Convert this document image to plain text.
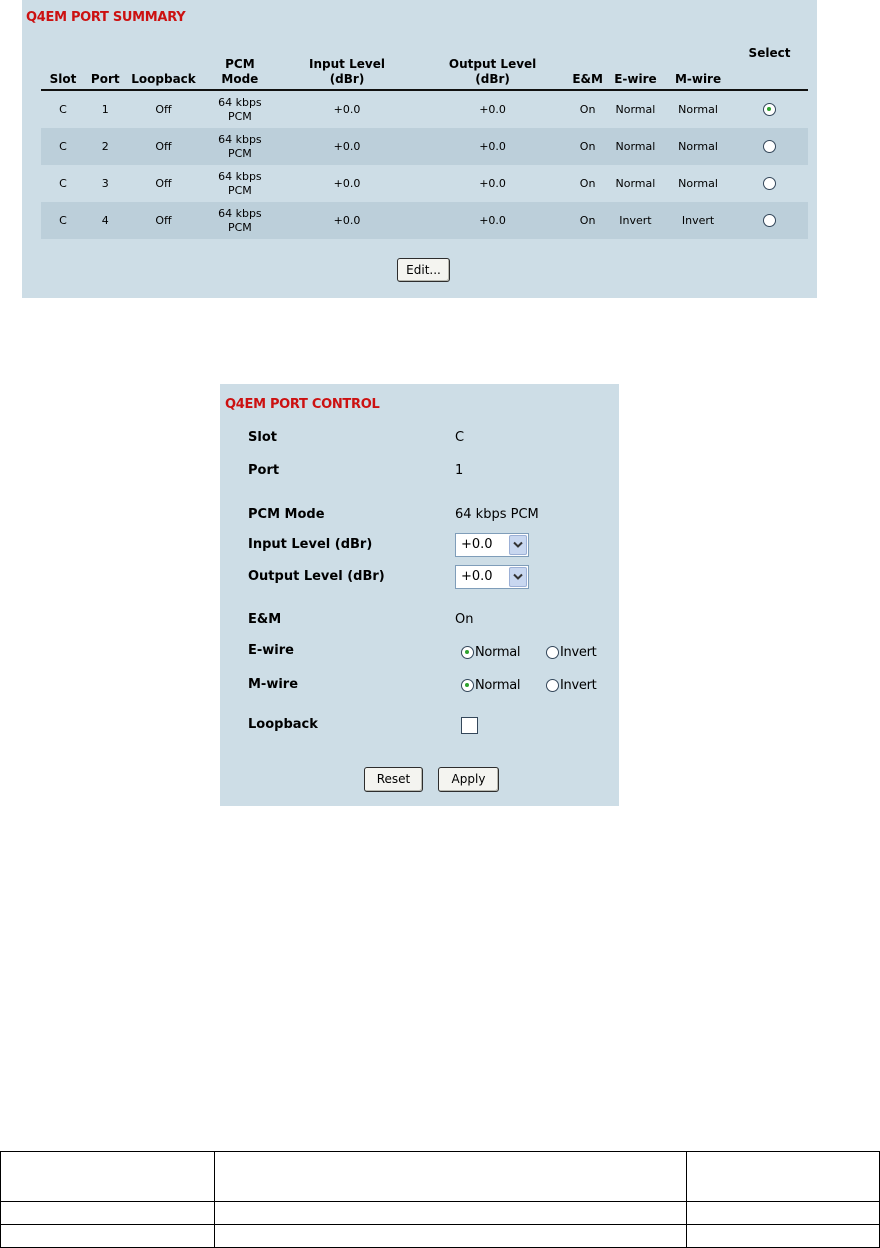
Q4EM PORT SUMMARY
Slot	Port	Loopback	PCM Mode	Input Level (dBr)	Output Level (dBr)	E&M	E-wire	M-wire	Select
C	1	Off	64 kbps PCM	+0.0	+0.0	On	Normal	Normal	
C	2	Off	64 kbps PCM	+0.0	+0.0	On	Normal	Normal	
C	3	Off	64 kbps PCM	+0.0	+0.0	On	Normal	Normal	
C	4	Off	64 kbps PCM	+0.0	+0.0	On	Invert	Invert	
Edit...
Q4EM PORT CONTROL
Slot	C
Port	1
PCM Mode	64 kbps PCM
Input Level (dBr)	+0.0
Output Level (dBr)	+0.0
E&M	On
E-wire	Normal	Invert
M-wire	Normal	Invert
Loopback
Reset	Apply
